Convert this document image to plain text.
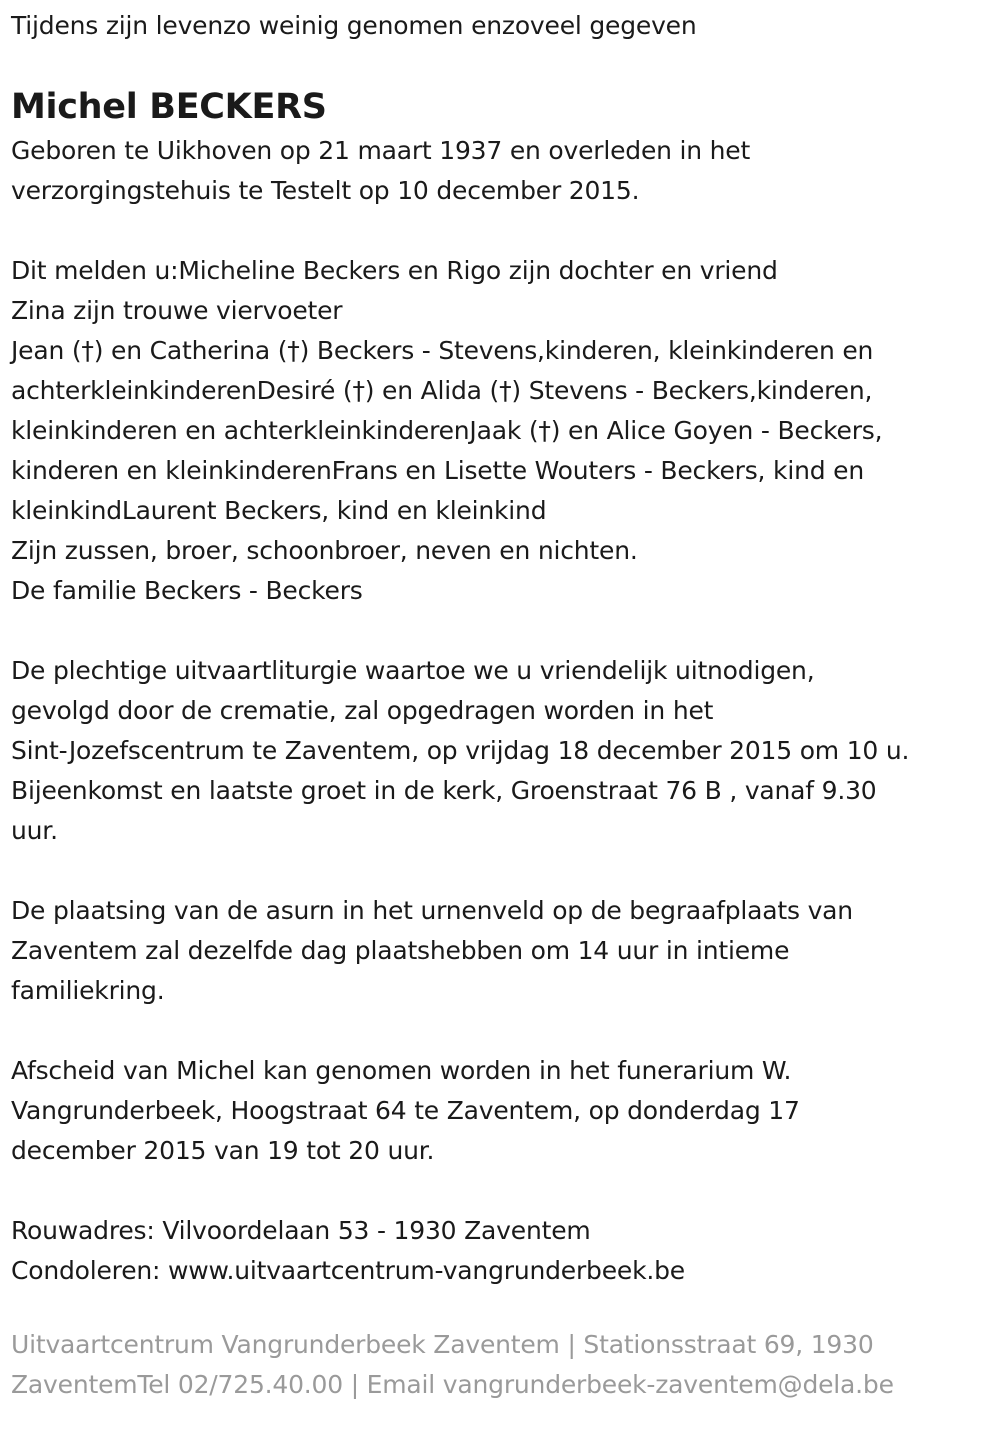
Tijdens zijn levenzo weinig genomen enzoveel gegeven
Michel BECKERS
Geboren te Uikhoven op 21 maart 1937 en overleden in het
verzorgingstehuis te Testelt op 10 december 2015.
Dit melden u:Micheline Beckers en Rigo zijn dochter en vriend
Zina zijn trouwe viervoeter
Jean (†) en Catherina (†) Beckers - Stevens,kinderen, kleinkinderen en
achterkleinkinderenDesiré (†) en Alida (†) Stevens - Beckers,kinderen,
kleinkinderen en achterkleinkinderenJaak (†) en Alice Goyen - Beckers,
kinderen en kleinkinderenFrans en Lisette Wouters - Beckers, kind en
kleinkindLaurent Beckers, kind en kleinkind
Zijn zussen, broer, schoonbroer, neven en nichten.
De familie Beckers - Beckers
De plechtige uitvaartliturgie waartoe we u vriendelijk uitnodigen,
gevolgd door de crematie, zal opgedragen worden in het
Sint-Jozefscentrum te Zaventem, op vrijdag 18 december 2015 om 10 u.
Bijeenkomst en laatste groet in de kerk, Groenstraat 76 B , vanaf 9.30
uur.
De plaatsing van de asurn in het urnenveld op de begraafplaats van
Zaventem zal dezelfde dag plaatshebben om 14 uur in intieme
familiekring.
Afscheid van Michel kan genomen worden in het funerarium W.
Vangrunderbeek, Hoogstraat 64 te Zaventem, op donderdag 17
december 2015 van 19 tot 20 uur.
Rouwadres: Vilvoordelaan 53 - 1930 Zaventem
Condoleren: www.uitvaartcentrum-vangrunderbeek.be
Uitvaartcentrum Vangrunderbeek Zaventem | Stationsstraat 69, 1930
ZaventemTel 02/725.40.00 | Email vangrunderbeek-zaventem@dela.be
